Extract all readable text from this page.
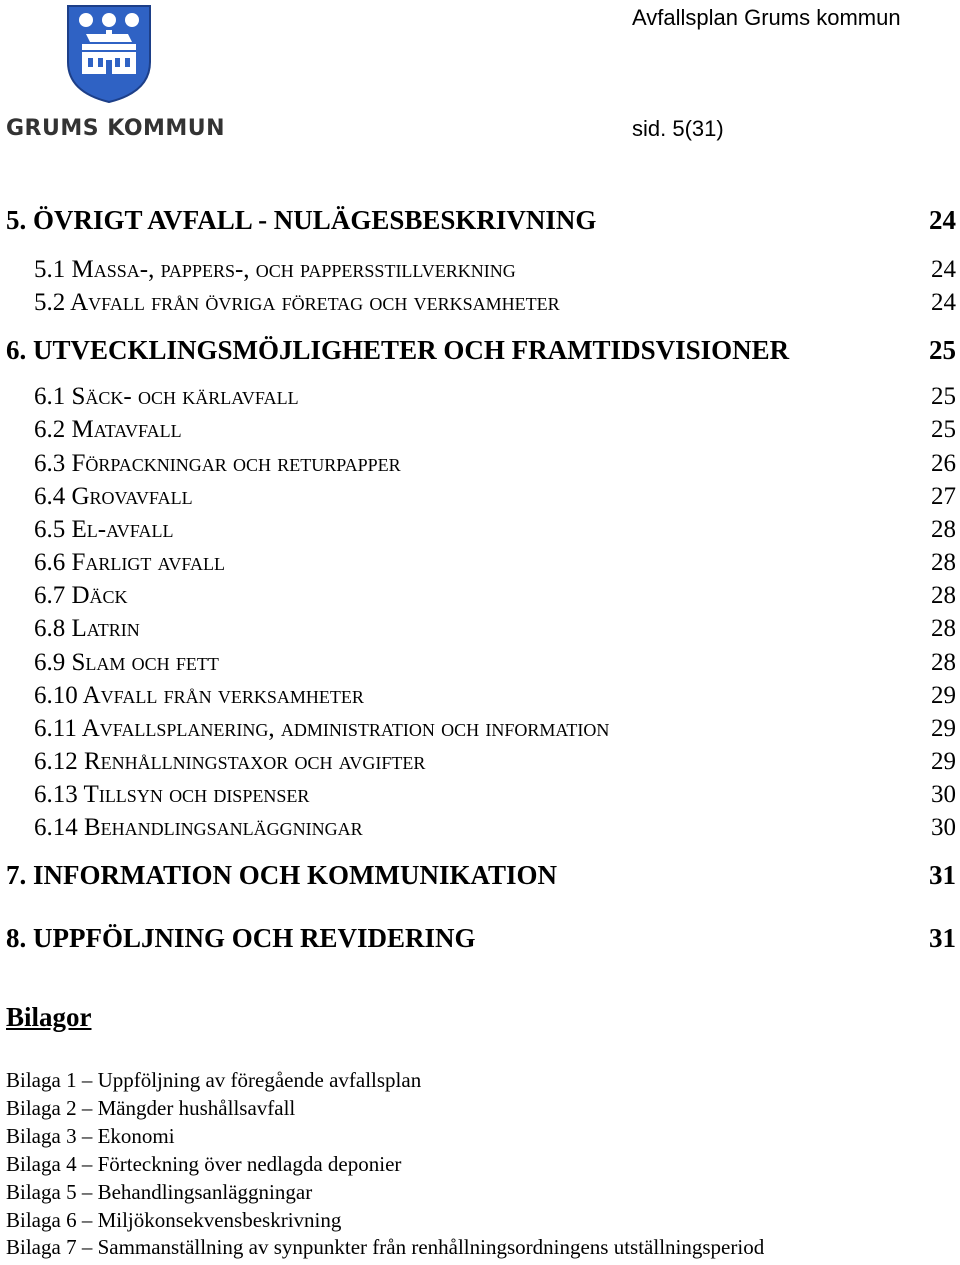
GRUMS KOMMUN
Avfallsplan Grums kommun
sid. 5(31)
5. ÖVRIGT AVFALL - NULÄGESBESKRIVNING	24
5.1 Massa-, pappers-, och pappersstillverkning	24
5.2 Avfall från övriga företag och verksamheter	24
6. UTVECKLINGSMÖJLIGHETER OCH FRAMTIDSVISIONER	25
6.1 Säck- och kärlavfall	25
6.2 Matavfall	25
6.3 Förpackningar och returpapper	26
6.4 Grovavfall	27
6.5 El-avfall	28
6.6 Farligt avfall	28
6.7 Däck	28
6.8 Latrin	28
6.9 Slam och fett	28
6.10 Avfall från verksamheter	29
6.11 Avfallsplanering, administration och information	29
6.12 Renhållningstaxor och avgifter	29
6.13 Tillsyn och dispenser	30
6.14 Behandlingsanläggningar	30
7. INFORMATION OCH KOMMUNIKATION	31
8. UPPFÖLJNING OCH REVIDERING	31
Bilagor
Bilaga 1 – Uppföljning av föregående avfallsplan
Bilaga 2 – Mängder hushållsavfall
Bilaga 3 – Ekonomi
Bilaga 4 – Förteckning över nedlagda deponier
Bilaga 5 – Behandlingsanläggningar
Bilaga 6 – Miljökonsekvensbeskrivning
Bilaga 7 – Sammanställning av synpunkter från renhållningsordningens utställningsperiod
